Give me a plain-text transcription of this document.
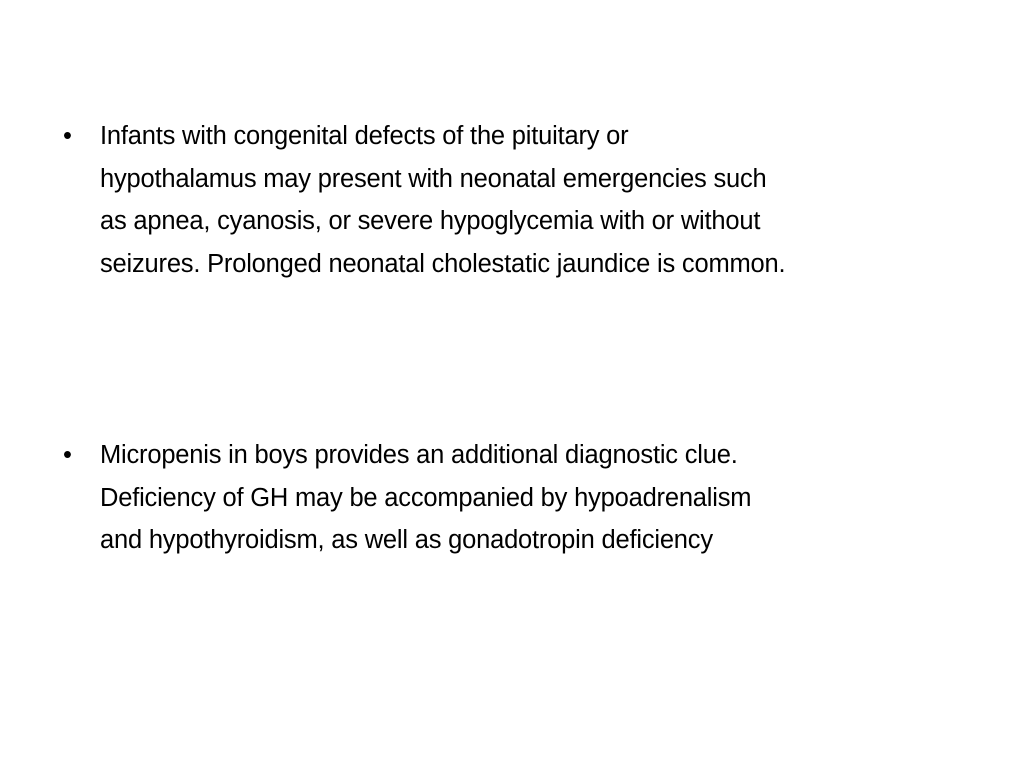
•	Infants with congenital defects of the pituitary or
hypothalamus may present with neonatal emergencies such
as apnea, cyanosis, or severe hypoglycemia with or without
seizures. Prolonged neonatal cholestatic jaundice is common.
•	Micropenis in boys provides an additional diagnostic clue.
Deficiency of GH may be accompanied by hypoadrenalism
and hypothyroidism, as well as gonadotropin deficiency
